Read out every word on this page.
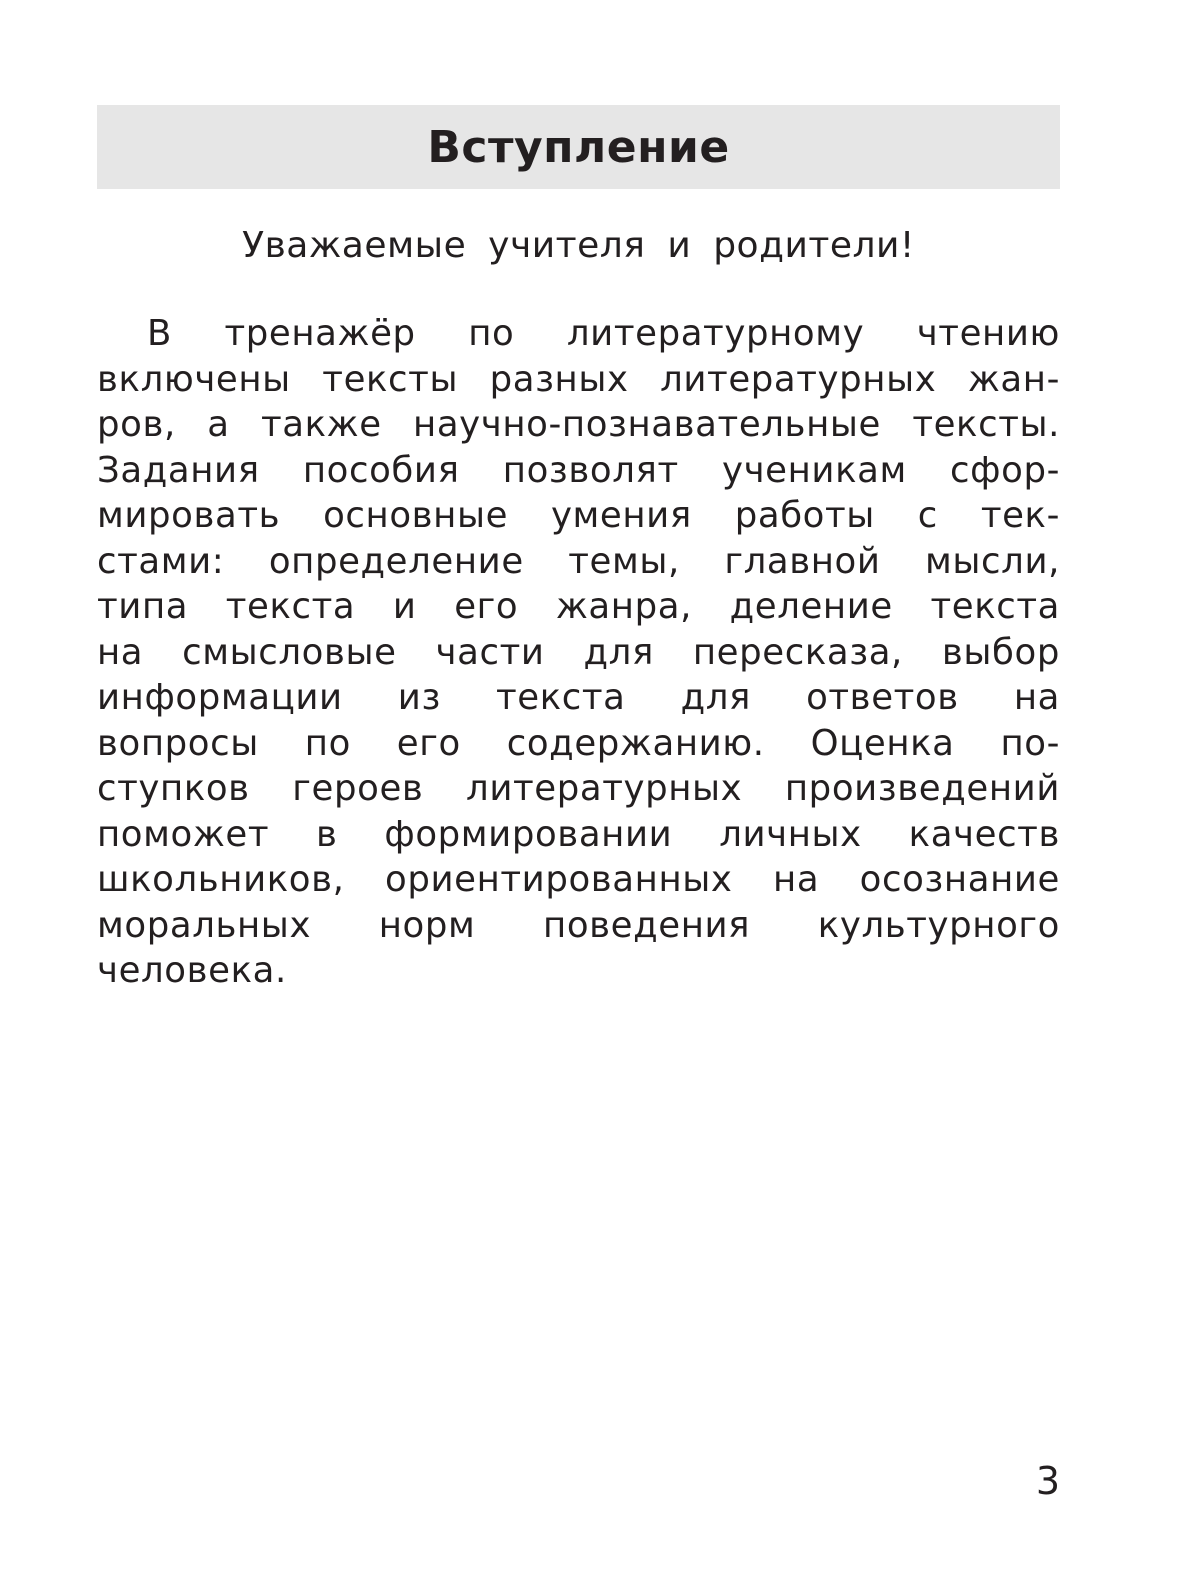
Вступление
Уважаемые учителя и родители!
В тренажёр по литературному чтению
включены тексты разных литературных жан-
ров, а также научно-познавательные тексты.
Задания пособия позволят ученикам сфор-
мировать основные умения работы с тек-
стами: определение темы, главной мысли,
типа текста и его жанра, деление текста
на смысловые части для пересказа, выбор
информации из текста для ответов на
вопросы по его содержанию. Оценка по-
ступков героев литературных произведений
поможет в формировании личных качеств
школьников, ориентированных на осознание
моральных норм поведения культурного
человека.
3
